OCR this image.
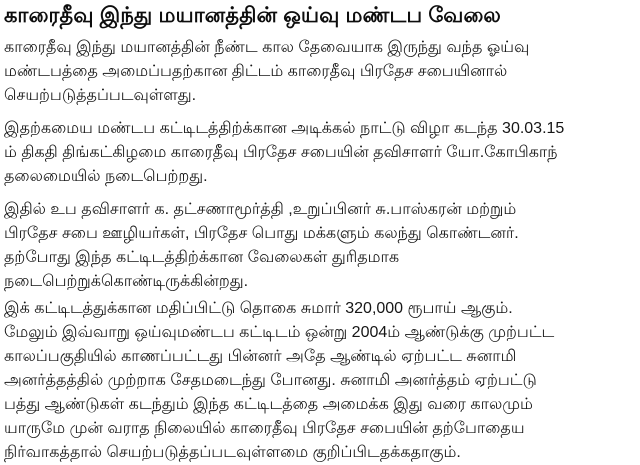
காரைதீவு இந்து மயானத்தின் ஒய்வு மண்டப வேலை

காரைதீவு இந்து மயானத்தின் நீண்ட கால தேவையாக இருந்து வந்த ஓய்வு
மண்டபத்தை அமைப்பதற்கான திட்டம் காரைதீவு பிரதேச சபையினால்
செயற்படுத்தப்படவுள்ளது.

இதற்கமைய மண்டப கட்டிடத்திற்க்கான அடிக்கல் நாட்டு விழா கடந்த 30.03.15
ம் திகதி திங்கட்கிழமை காரைதீவு பிரதேச சபையின் தவிசாளர் யோ.கோபிகாந்
தலைமையில் நடைபெற்றது.

இதில் உப தவிசாளர் க. தட்சணாமூர்த்தி ,உறுப்பினர் சு.பாஸ்கரன் மற்றும்
பிரதேச சபை ஊழியர்கள், பிரதேச பொது மக்களும் கலந்து கொண்டனர்.
தற்போது இந்த கட்டிடத்திற்க்கான வேலைகள் துரிதமாக
நடைபெற்றுக்கொண்டிருக்கின்றது.

இக் கட்டிடத்துக்கான மதிப்பிட்டு தொகை சுமார் 320,000 ரூபாய் ஆகும்.
மேலும் இவ்வாறு ஒய்வுமண்டப கட்டிடம் ஒன்று 2004ம் ஆண்டுக்கு முற்பட்ட
காலப்பகுதியில் காணப்பட்டது பின்னர் அதே ஆண்டில் ஏற்பட்ட சுனாமி
அனர்த்தத்தில் முற்றாக சேதமடைந்து போனது. சுனாமி அனர்த்தம் ஏற்பட்டு
பத்து ஆண்டுகள் கடந்தும் இந்த கட்டிடத்தை அமைக்க இது வரை காலமும்
யாருமே முன் வராத நிலையில் காரைதீவு பிரதேச சபையின் தற்போதைய
நிர்வாகத்தால் செயற்படுத்தப்படவுள்ளமை குறிப்பிடதக்கதாகும்.
